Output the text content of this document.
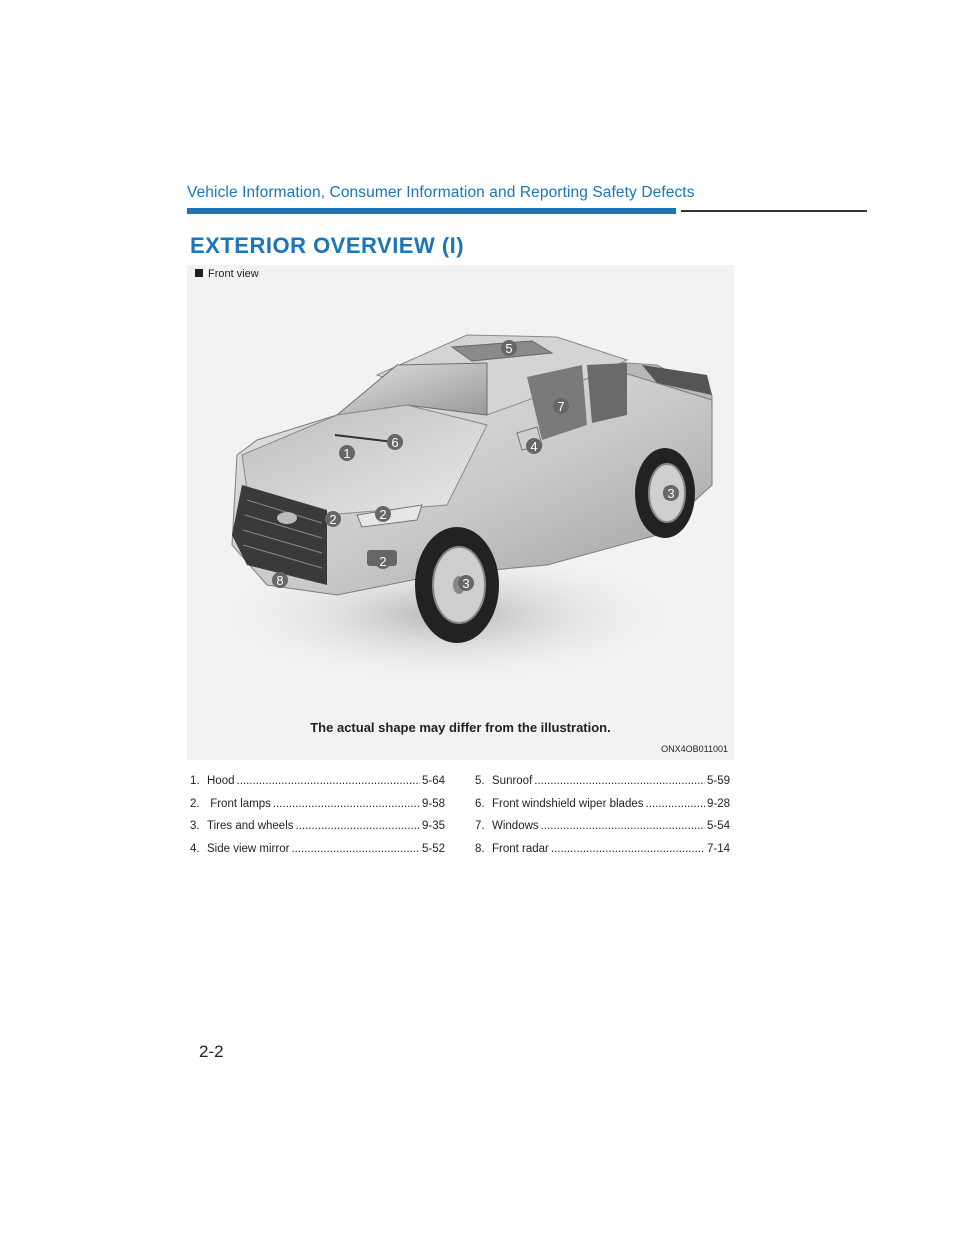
Vehicle Information, Consumer Information and Reporting Safety Defects
EXTERIOR OVERVIEW (I)
1
2	2
2
3
3
4
5
6
7
8
Front view
The actual shape may differ from the illustration.
ONX4OB011001
1. Hood .....	5-64
2. Front lamps .....	9-58
3. Tires and wheels .....	9-35
4. Side view mirror .....	5-52
5. Sunroof .....	5-59
6. Front windshield wiper blades .....	9-28
7. Windows .....	5-54
8. Front radar .....	7-14
2-2
